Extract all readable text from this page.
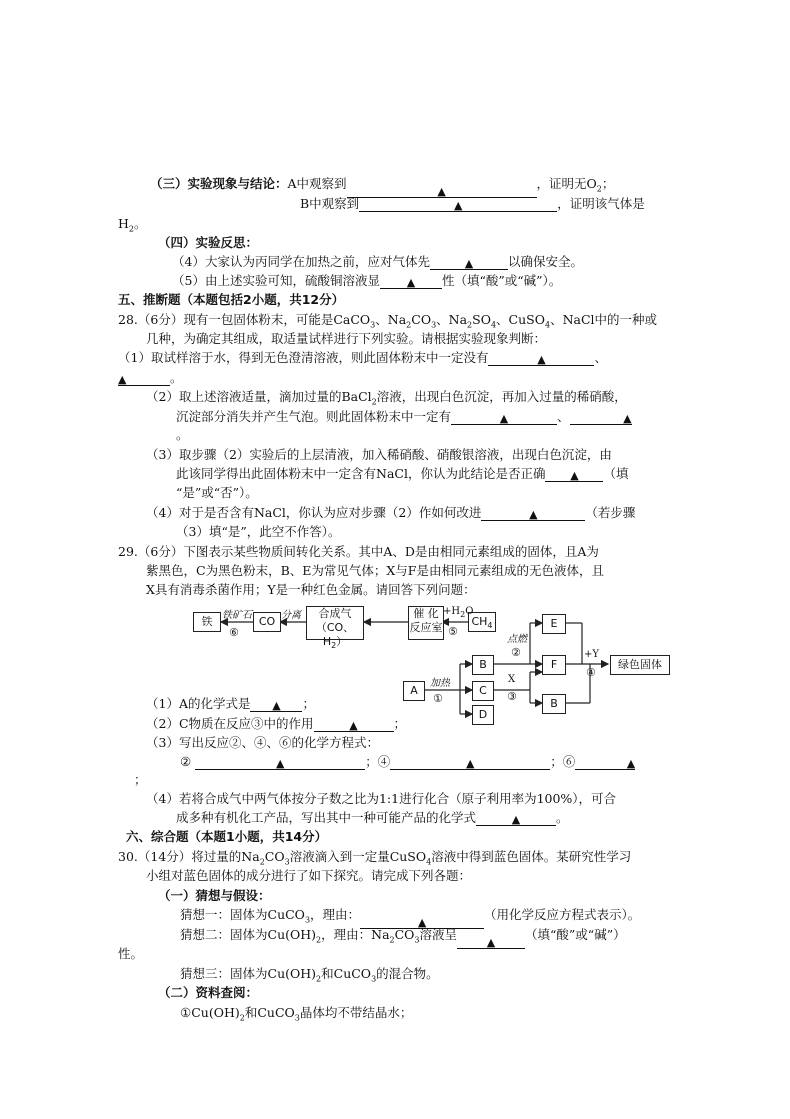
（三）实验现象与结论：A中观察到	▲	，证明无$O_2$；
B中观察到	▲	，证明该气体是
$H_2$。
（四）实验反思：
（4）大家认为丙同学在加热之前，应对气体先	▲	以确保安全。
（5）由上述实验可知，硫酸铜溶液显 ▲ 性（填“酸”或“碱”）。
五、推断题（本题包括2小题，共12分）
28.（6分）现有一包固体粉末，可能是CaCO$_3$、$Na_2CO_3$、$Na_2SO_4$、CuSO$_4$、NaCl中的一种或
几种，为确定其组成，取适量试样进行下列实验。请根据实验现象判断：
（1）取试样溶于水，得到无色澄清溶液，则此固体粉末中一定没有	▲	、
▲	。
（2）取上述溶液适量，滴加过量的BaCl$_2$溶液，出现白色沉淀，再加入过量的稀硝酸，
沉淀部分消失并产生气泡。则此固体粉末中一定有	▲	、	▲
。
（3）取步骤（2）实验后的上层清液，加入稀硝酸、硝酸银溶液，出现白色沉淀，由
此该同学得出此固体粉末中一定含有NaCl，你认为此结论是否正确 ▲ （填
“是”或“否”）。
（4）对于是否含有NaCl，你认为应对步骤（2）作如何改进	▲	（若步骤
（3）填“是”，此空不作答）。
29.（6分）下图表示某些物质间转化关系。其中A、D是由相同元素组成的固体，且A为
紫黑色，C为黑色粉末，B、E为常见气体；X与F是由相同元素组成的无色液体，且
X具有消毒杀菌作用；Y是一种红色金属。请回答下列问题：
铁	CO
合成气
（CO、$H_2$）
催 化
反应室	$CH_4$
A
B
C
D
E
F
B
绿色固体
铁矿石
⑥
分离	$+H_2O$
⑤
加热
①
点燃
②
X
③
+Y
④
（1）A的化学式是 ▲ ；
（2）C物质在反应③中的作用	▲	；
（3）写出反应②、④、⑥的化学方程式：
②	▲	；④	▲	；⑥	▲
；
（4）若将合成气中两气体按分子数之比为1:1进行化合（原子利用率为100%），可合
成多种有机化工产品，写出其中一种可能产品的化学式	▲	。
六、综合题（本题1小题，共14分）
30.（14分）将过量的$Na_2CO_3$溶液滴入到一定量CuSO$_4$溶液中得到蓝色固体。某研究性学习
小组对蓝色固体的成分进行了如下探究。请完成下列各题：
（一）猜想与假设：
猜想一：固体为CuCO$_3$，理由：	▲	（用化学反应方程式表示）。
猜想二：固体为$Cu(OH)_2$，理由：$Na_2CO_3$溶液呈	▲ （填“酸”或“碱”）
性。
猜想三：固体为$Cu(OH)_2$和CuCO$_3$的混合物。
（二）资料查阅：
$①Cu(OH)_2$和CuCO$_3$晶体均不带结晶水；
